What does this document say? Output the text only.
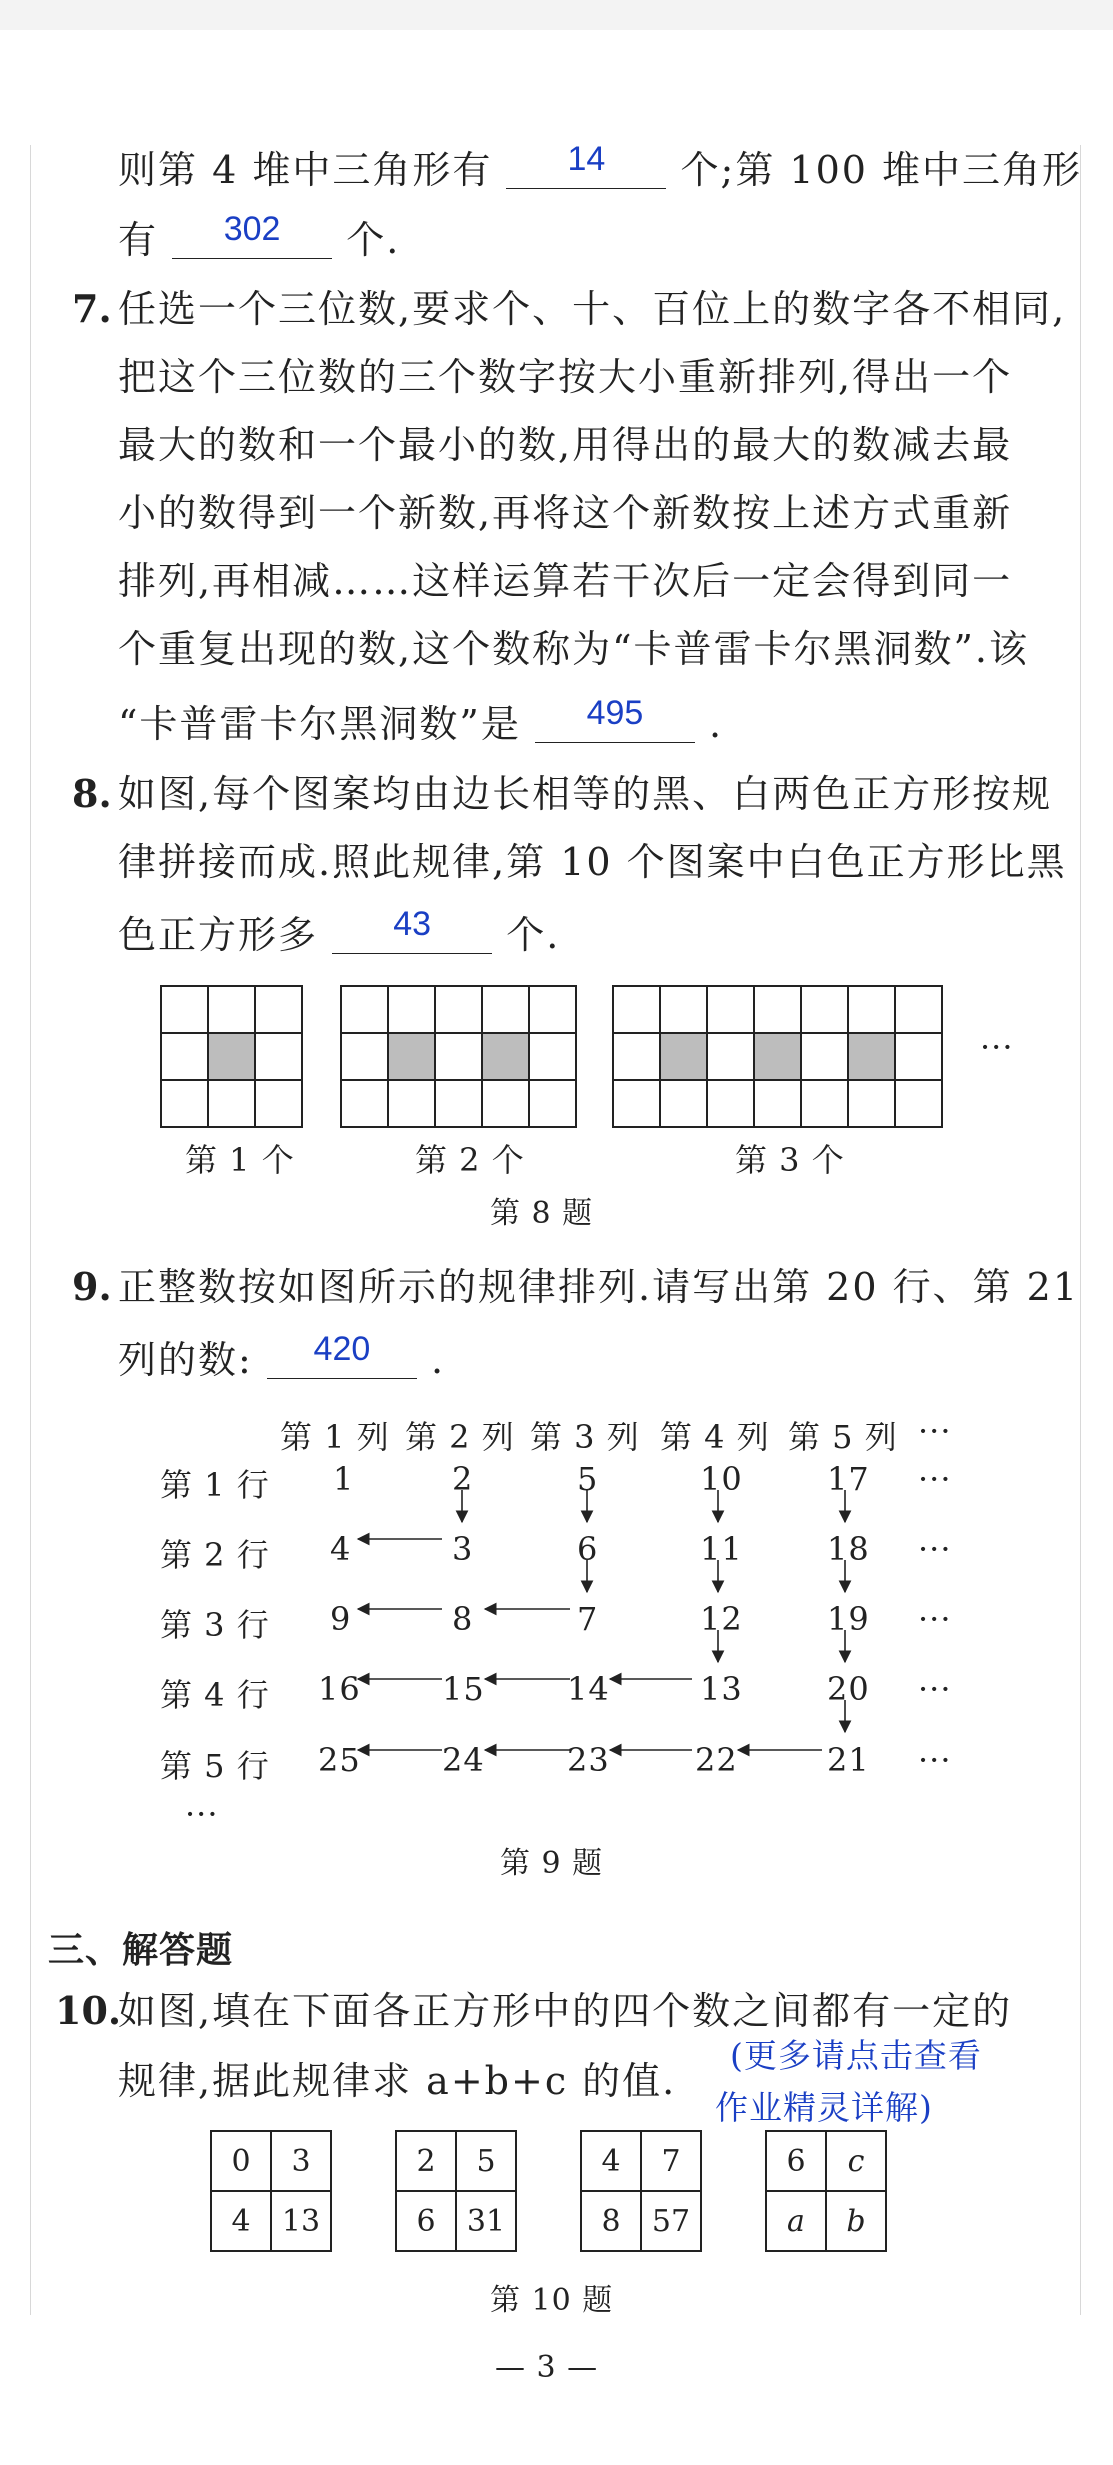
则第 4 堆中三角形有	14	个;第 100 堆中三角形
有	302	个.
7. 任选一个三位数,要求个、十、百位上的数字各不相同,
把这个三位数的三个数字按大小重新排列,得出一个
最大的数和一个最小的数,用得出的最大的数减去最
小的数得到一个新数,再将这个新数按上述方式重新
排列,再相减……这样运算若干次后一定会得到同一
个重复出现的数,这个数称为“卡普雷卡尔黑洞数”.该
“卡普雷卡尔黑洞数”是	495	.
8. 如图,每个图案均由边长相等的黑、白两色正方形按规
律拼接而成.照此规律,第 10 个图案中白色正方形比黑
色正方形多	43	个.

···
第 1 个	第 2 个	第 3 个
第 8 题
9. 正整数按如图所示的规律排列.请写出第 20 行、第 21
列的数:	420	.
第 1 列 第 2 列 第 3 列 第 4 列 第 5 列 ···
第 1 行
第 2 行
第 3 行
第 4 行
第 5 行
1	2	5	10	17 ···
4	3	6	11	18 ···
9	8	7	12	19 ···
16	15	14	13	20 ···
25	24	23	22	21 ···
···
第 9 题
三、解答题
10.
如图,填在下面各正方形中的四个数之间都有一定的
规律,据此规律求 a+b+c 的值.
(更多请点击查看
作业精灵详解)
0	3
4	13
2	5
6	31
4	7
8	57
6	c
a	b
第 10 题
— 3 —
